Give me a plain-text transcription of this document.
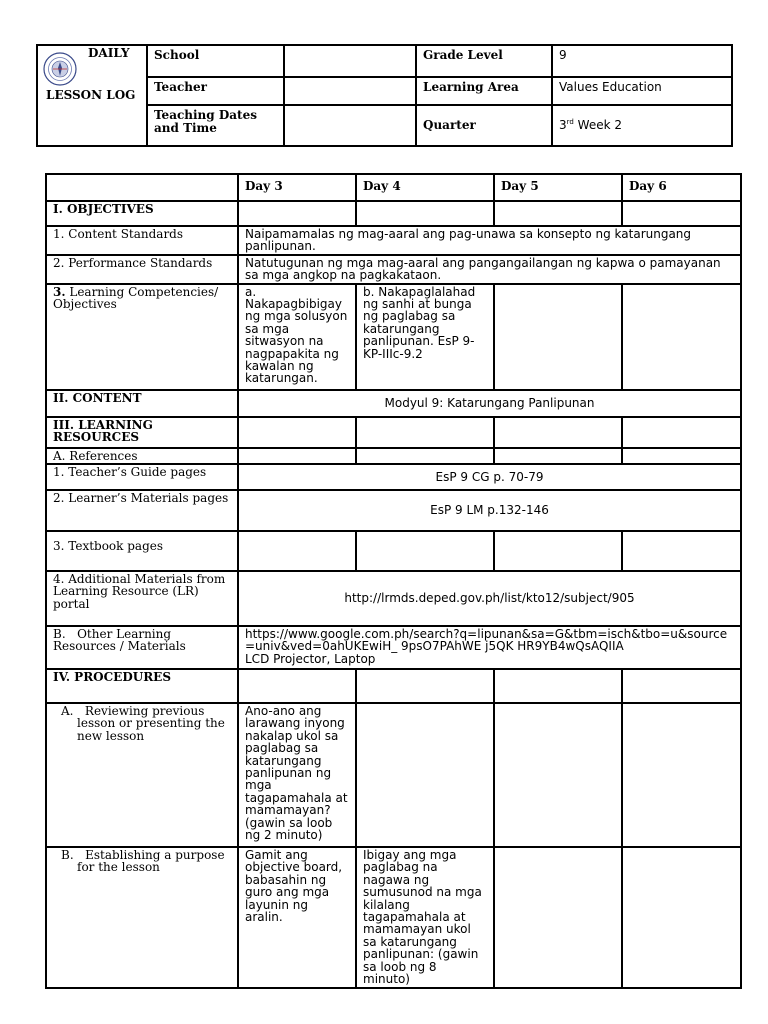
DAILY
LESSON LOG	School		Grade Level	9
	Teacher		Learning Area	Values Education
	Teaching Dates and Time		Quarter	3rd Week 2
	Day 3	Day 4	Day 5	Day 6
I. OBJECTIVES				
1. Content Standards	Naipamamalas ng mag-aaral ang pag-unawa sa konsepto ng katarungang panlipunan.			
2. Performance Standards	Natutugunan ng mga mag-aaral ang pangangailangan ng kapwa o pamayanan sa mga angkop na pagkakataon.			
3. Learning Competencies/ Objectives	a. Nakapagbibigay ng mga solusyon sa mga sitwasyon na nagpapakita ng kawalan ng katarungan.	b. Nakapaglalahad ng sanhi at bunga ng paglabag sa katarungang panlipunan. EsP 9-KP-IIIc-9.2		
II. CONTENT	Modyul 9: Katarungang Panlipunan			
III. LEARNING RESOURCES				
A. References				
1. Teacher’s Guide pages	EsP 9 CG p. 70-79			
2. Learner’s Materials pages	EsP 9 LM p.132-146			
3. Textbook pages				
4. Additional Materials from Learning Resource (LR) portal	http://lrmds.deped.gov.ph/list/kto12/subject/905			
B.   Other Learning Resources / Materials	https://www.google.com.ph/search?q=lipunan&sa=G&tbm=isch&tbo=u&source=univ&ved=0ahUKEwiH_ 9psO7PAhWE j5QK HR9YB4wQsAQIIA
LCD Projector, Laptop			

IV. PROCEDURES				

A.   Reviewing previous lesson or presenting the new lesson	Ano-ano ang larawang inyong nakalap ukol sa paglabag sa katarungang panlipunan ng mga tagapamahala at mamamayan? (gawin sa loob ng 2 minuto)			

B.   Establishing a purpose for the lesson	Gamit ang objective board, babasahin ng guro ang mga layunin ng aralin.	Ibigay ang mga paglabag na nagawa ng sumusunod na mga kilalang tagapamahala at mamamayan ukol sa katarungang panlipunan: (gawin sa loob ng 8 minuto)		
